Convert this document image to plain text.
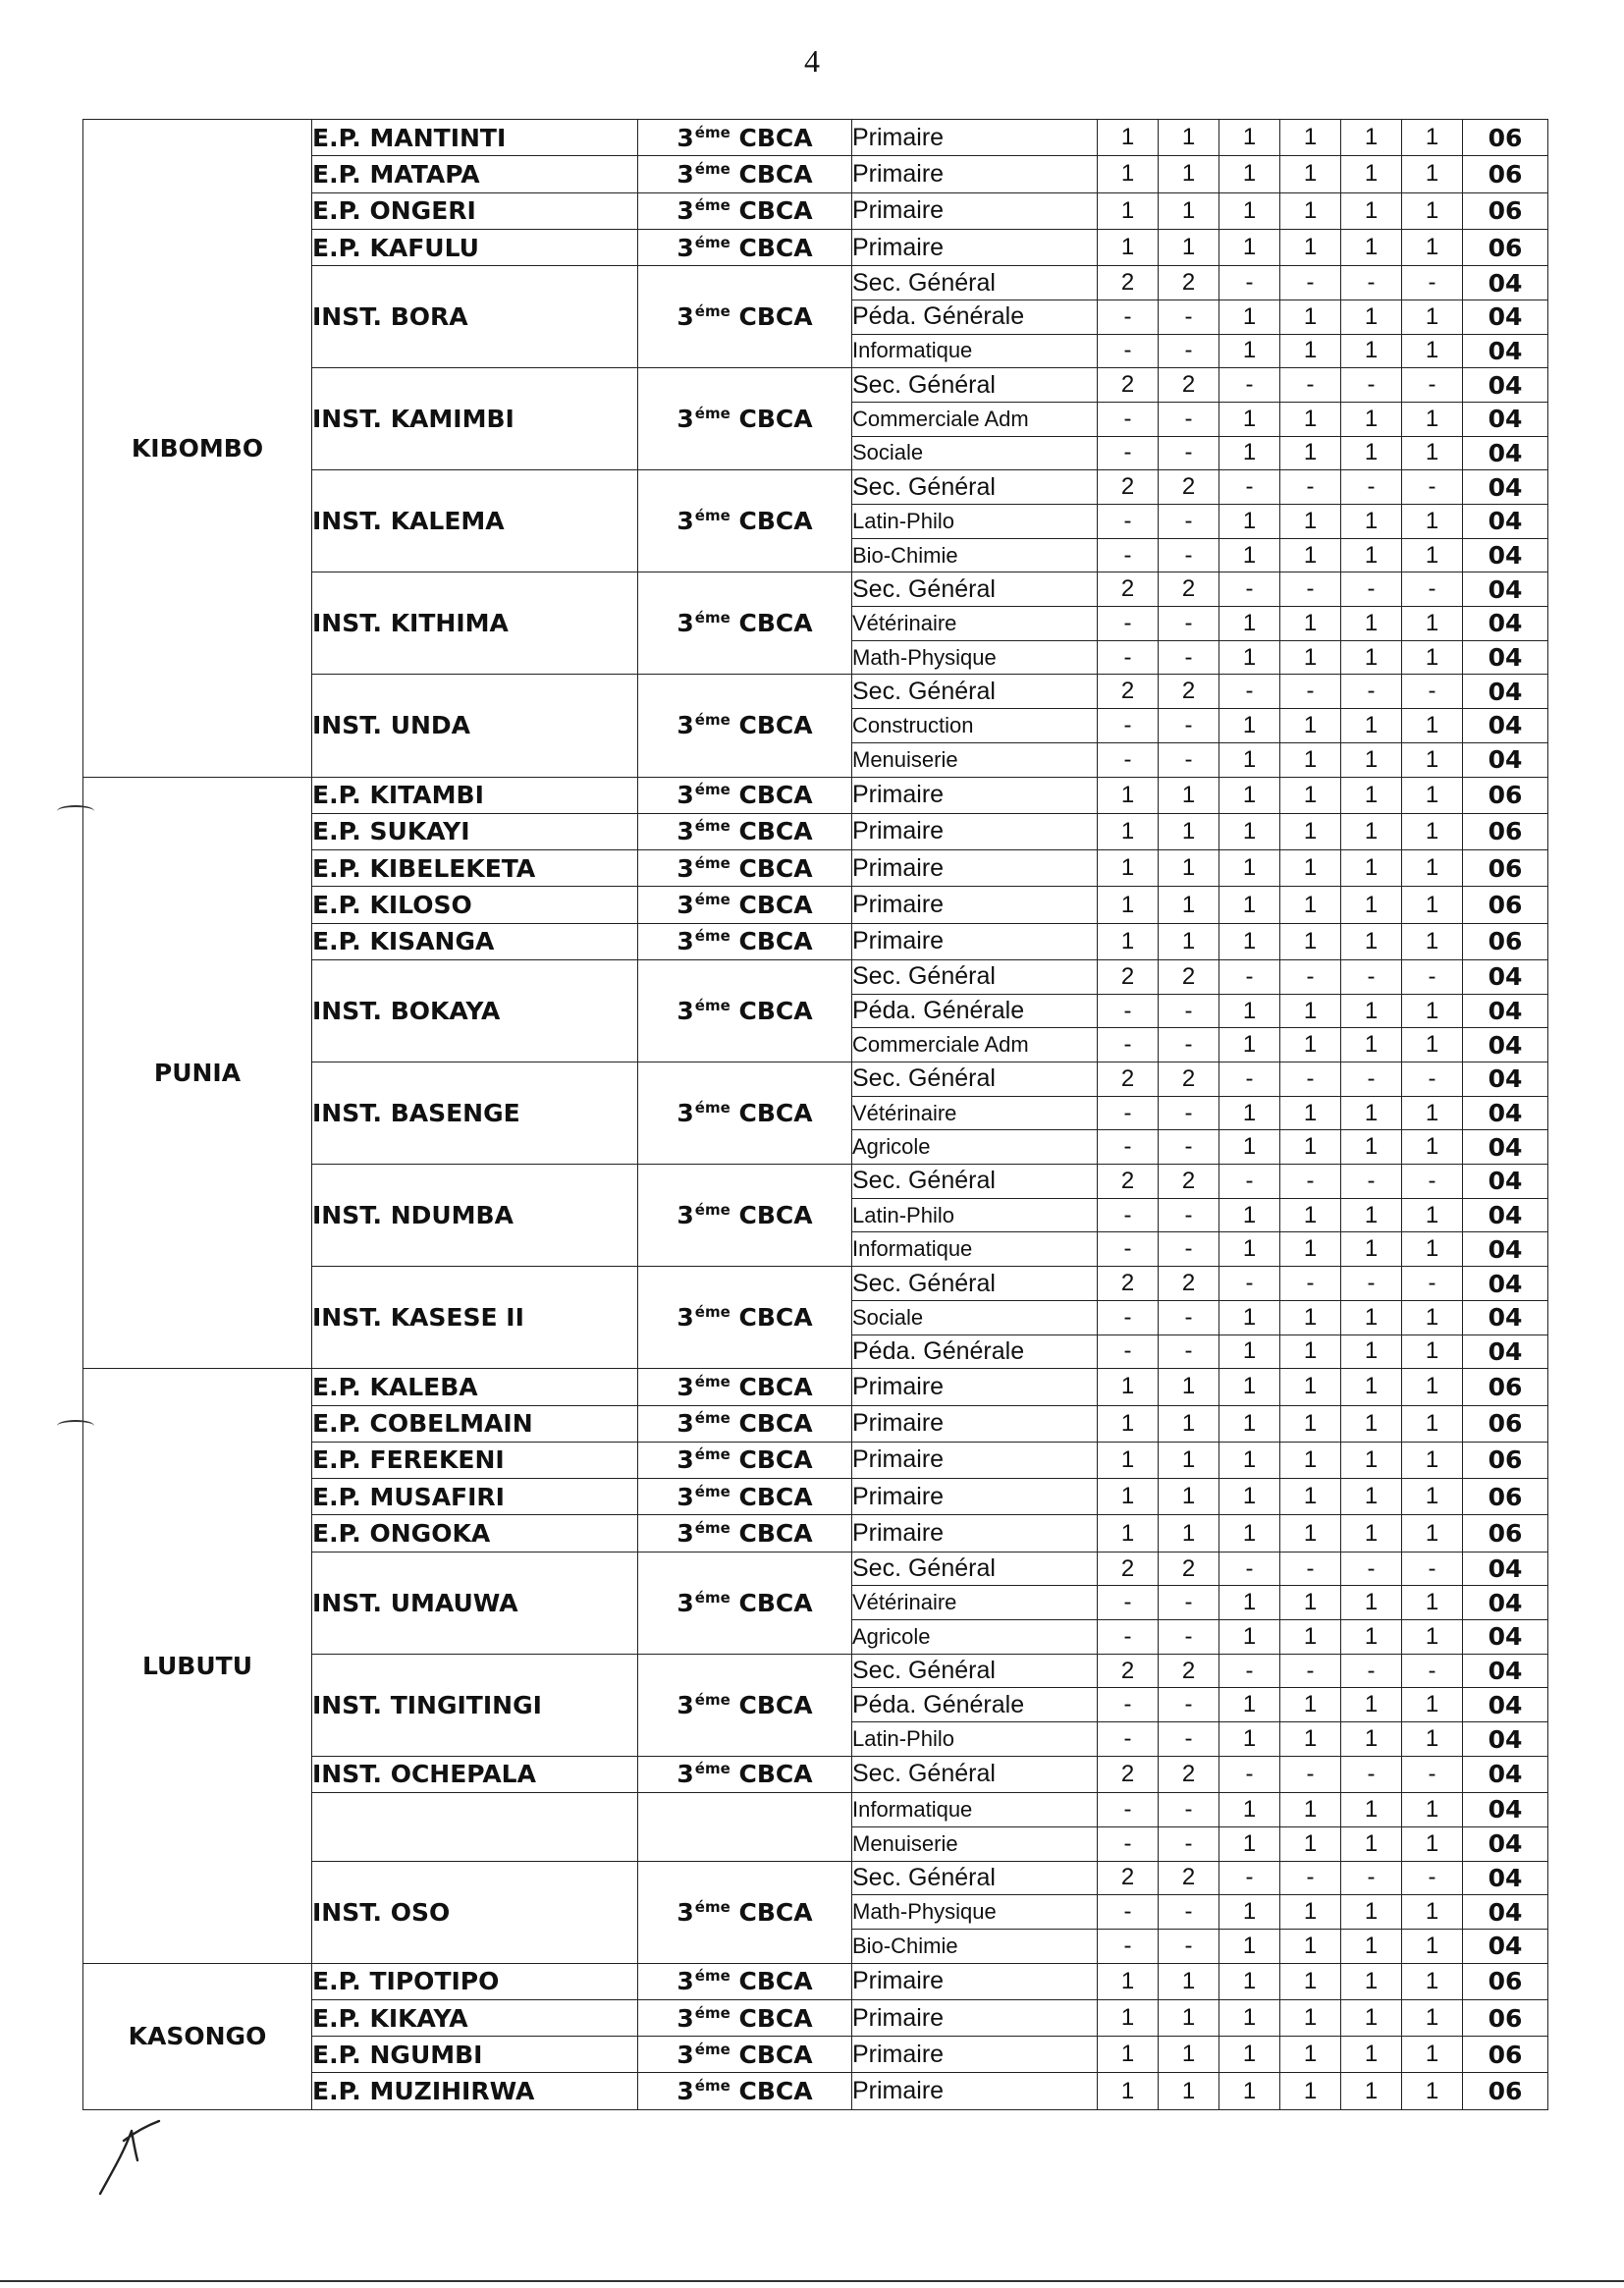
4
KIBOMBO	E.P. MANTINTI	$3^{éme}$ CBCA	Primaire	1	1	1	1	1	1	06
	E.P. MATAPA	$3^{éme}$ CBCA	Primaire	1	1	1	1	1	1	06
	E.P. ONGERI	$3^{éme}$ CBCA	Primaire	1	1	1	1	1	1	06
	E.P. KAFULU	$3^{éme}$ CBCA	Primaire	1	1	1	1	1	1	06
	INST. BORA	$3^{éme}$ CBCA	Sec. Général	2	2	-	-	-	-	04
			Péda. Générale	-	-	1	1	1	1	04
			Informatique	-	-	1	1	1	1	04
	INST. KAMIMBI	$3^{éme}$ CBCA	Sec. Général	2	2	-	-	-	-	04
			Commerciale Adm	-	-	1	1	1	1	04
			Sociale	-	-	1	1	1	1	04
	INST. KALEMA	$3^{éme}$ CBCA	Sec. Général	2	2	-	-	-	-	04
			Latin-Philo	-	-	1	1	1	1	04
			Bio-Chimie	-	-	1	1	1	1	04
	INST. KITHIMA	$3^{éme}$ CBCA	Sec. Général	2	2	-	-	-	-	04
			Vétérinaire	-	-	1	1	1	1	04
			Math-Physique	-	-	1	1	1	1	04
	INST. UNDA	$3^{éme}$ CBCA	Sec. Général	2	2	-	-	-	-	04
			Construction	-	-	1	1	1	1	04
			Menuiserie	-	-	1	1	1	1	04
PUNIA	E.P. KITAMBI	$3^{éme}$ CBCA	Primaire	1	1	1	1	1	1	06
	E.P. SUKAYI	$3^{éme}$ CBCA	Primaire	1	1	1	1	1	1	06
	E.P. KIBELEKETA	$3^{éme}$ CBCA	Primaire	1	1	1	1	1	1	06
	E.P. KILOSO	$3^{éme}$ CBCA	Primaire	1	1	1	1	1	1	06
	E.P. KISANGA	$3^{éme}$ CBCA	Primaire	1	1	1	1	1	1	06
	INST. BOKAYA	$3^{éme}$ CBCA	Sec. Général	2	2	-	-	-	-	04
			Péda. Générale	-	-	1	1	1	1	04
			Commerciale Adm	-	-	1	1	1	1	04
	INST. BASENGE	$3^{éme}$ CBCA	Sec. Général	2	2	-	-	-	-	04
			Vétérinaire	-	-	1	1	1	1	04
			Agricole	-	-	1	1	1	1	04
	INST. NDUMBA	$3^{éme}$ CBCA	Sec. Général	2	2	-	-	-	-	04
			Latin-Philo	-	-	1	1	1	1	04
			Informatique	-	-	1	1	1	1	04
	INST. KASESE II	$3^{éme}$ CBCA	Sec. Général	2	2	-	-	-	-	04
			Sociale	-	-	1	1	1	1	04
			Péda. Générale	-	-	1	1	1	1	04
LUBUTU	E.P. KALEBA	$3^{éme}$ CBCA	Primaire	1	1	1	1	1	1	06
	E.P. COBELMAIN	$3^{éme}$ CBCA	Primaire	1	1	1	1	1	1	06
	E.P. FEREKENI	$3^{éme}$ CBCA	Primaire	1	1	1	1	1	1	06
	E.P. MUSAFIRI	$3^{éme}$ CBCA	Primaire	1	1	1	1	1	1	06
	E.P. ONGOKA	$3^{éme}$ CBCA	Primaire	1	1	1	1	1	1	06
	INST. UMAUWA	$3^{éme}$ CBCA	Sec. Général	2	2	-	-	-	-	04
			Vétérinaire	-	-	1	1	1	1	04
			Agricole	-	-	1	1	1	1	04
	INST. TINGITINGI	$3^{éme}$ CBCA	Sec. Général	2	2	-	-	-	-	04
			Péda. Générale	-	-	1	1	1	1	04
			Latin-Philo	-	-	1	1	1	1	04
	INST. OCHEPALA	$3^{éme}$ CBCA	Sec. Général	2	2	-	-	-	-	04
			Informatique	-	-	1	1	1	1	04
			Menuiserie	-	-	1	1	1	1	04
	INST. OSO	$3^{éme}$ CBCA	Sec. Général	2	2	-	-	-	-	04
			Math-Physique	-	-	1	1	1	1	04
			Bio-Chimie	-	-	1	1	1	1	04
KASONGO	E.P. TIPOTIPO	$3^{éme}$ CBCA	Primaire	1	1	1	1	1	1	06
	E.P. KIKAYA	$3^{éme}$ CBCA	Primaire	1	1	1	1	1	1	06
	E.P. NGUMBI	$3^{éme}$ CBCA	Primaire	1	1	1	1	1	1	06
	E.P. MUZIHIRWA	$3^{éme}$ CBCA	Primaire	1	1	1	1	1	1	06
